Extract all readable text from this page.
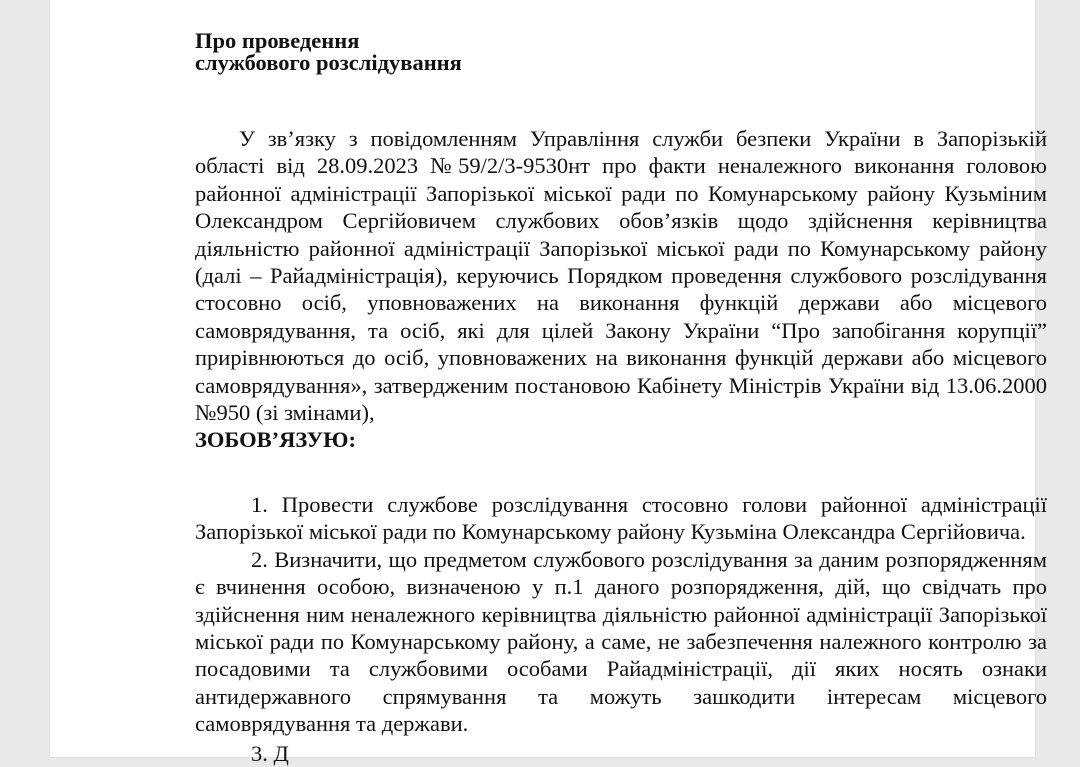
Про проведення
службового розслідування

У зв’язку з повідомленням Управління служби безпеки України в Запорізькій області від 28.09.2023 №59/2/3-9530нт про факти неналежного виконання головою районної адміністрації Запорізької міської ради по Комунарському району Кузьміним Олександром Сергійовичем службових обов’язків щодо здійснення керівництва діяльністю районної адміністрації Запорізької міської ради по Комунарському району (далі – Райадміністрація), керуючись Порядком проведення службового розслідування стосовно осіб, уповноважених на виконання функцій держави або місцевого самоврядування, та осіб, які для цілей Закону України “Про запобігання корупції” прирівнюються до осіб, уповноважених на виконання функцій держави або місцевого самоврядування», затвердженим постановою Кабінету Міністрів України від 13.06.2000 №950 (зі змінами),

ЗОБОВ’ЯЗУЮ:

1. Провести службове розслідування стосовно голови районної адміністрації Запорізької міської ради по Комунарському району Кузьміна Олександра Сергійовича.

2. Визначити, що предметом службового розслідування за даним розпорядженням є вчинення особою, визначеною у п.1 даного розпорядження, дій, що свідчать про здійснення ним неналежного керівництва діяльністю районної адміністрації Запорізької міської ради по Комунарському району, а саме, не забезпечення належного контролю за посадовими та службовими особами Райадміністрації, дії яких носять ознаки антидержавного спрямування та можуть зашкодити інтересам місцевого самоврядування та держави.

3. Д
